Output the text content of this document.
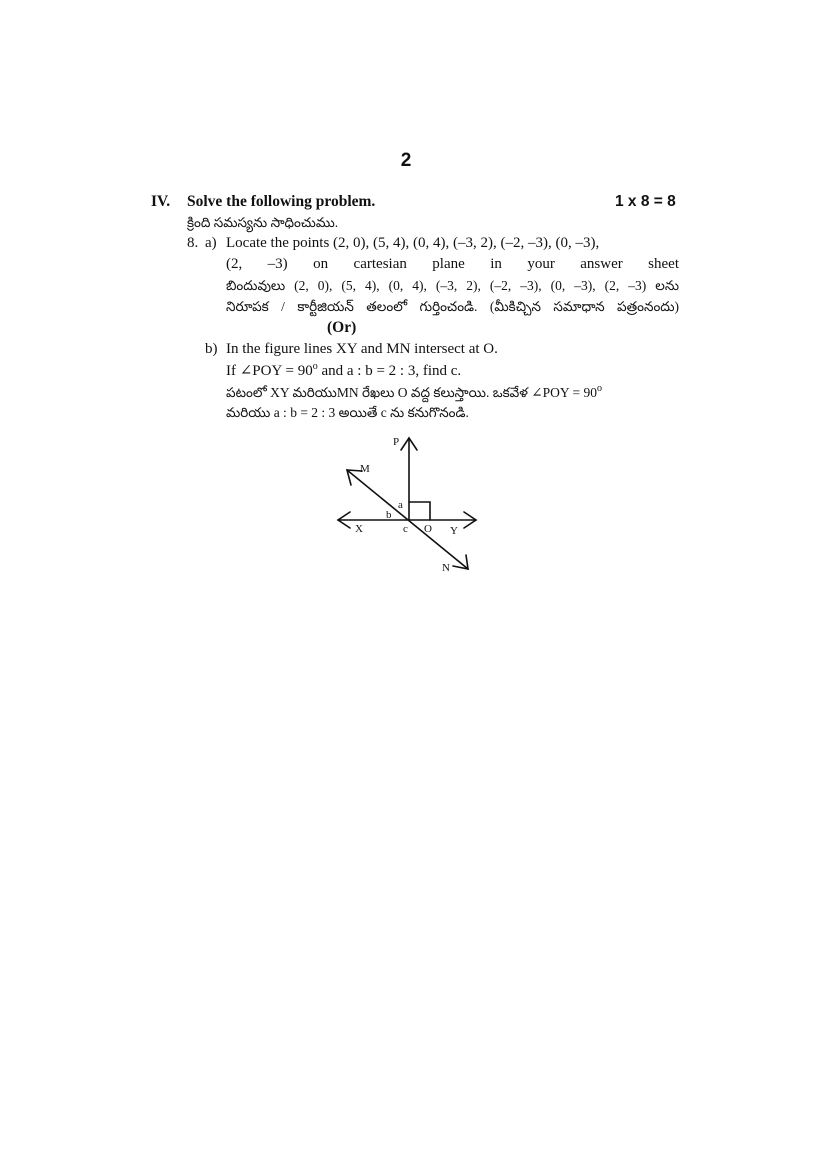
2
IV. Solve the following problem.	1 x 8 = 8
క్రింది సమస్యను సాధించుము.
8. a) Locate the points (2, 0), (5, 4), (0, 4), (–3, 2), (–2, –3), (0, –3),
(2, –3) on cartesian plane in your answer sheet
బిందువులు (2, 0), (5, 4), (0, 4), (–3, 2), (–2, –3), (0, –3), (2, –3) లను
నిరూపక / కార్టీజియన్ తలంలో గుర్తించండి. (మీకిచ్చిన సమాధాన పత్రంనందు)
(Or)
b) In the figure lines XY and MN intersect at O.
If ∠POY = $90^o$ and a : b = 2 : 3, find c.
పటంలో XY మరియుMN రేఖలు O వద్ద కలుస్తాయి. ఒకవేళ ∠POY = $90^o$
మరియు a : b = 2 : 3 అయితే c ను కనుగొనండి.
P
M
X	O Y
N
a
b
c
